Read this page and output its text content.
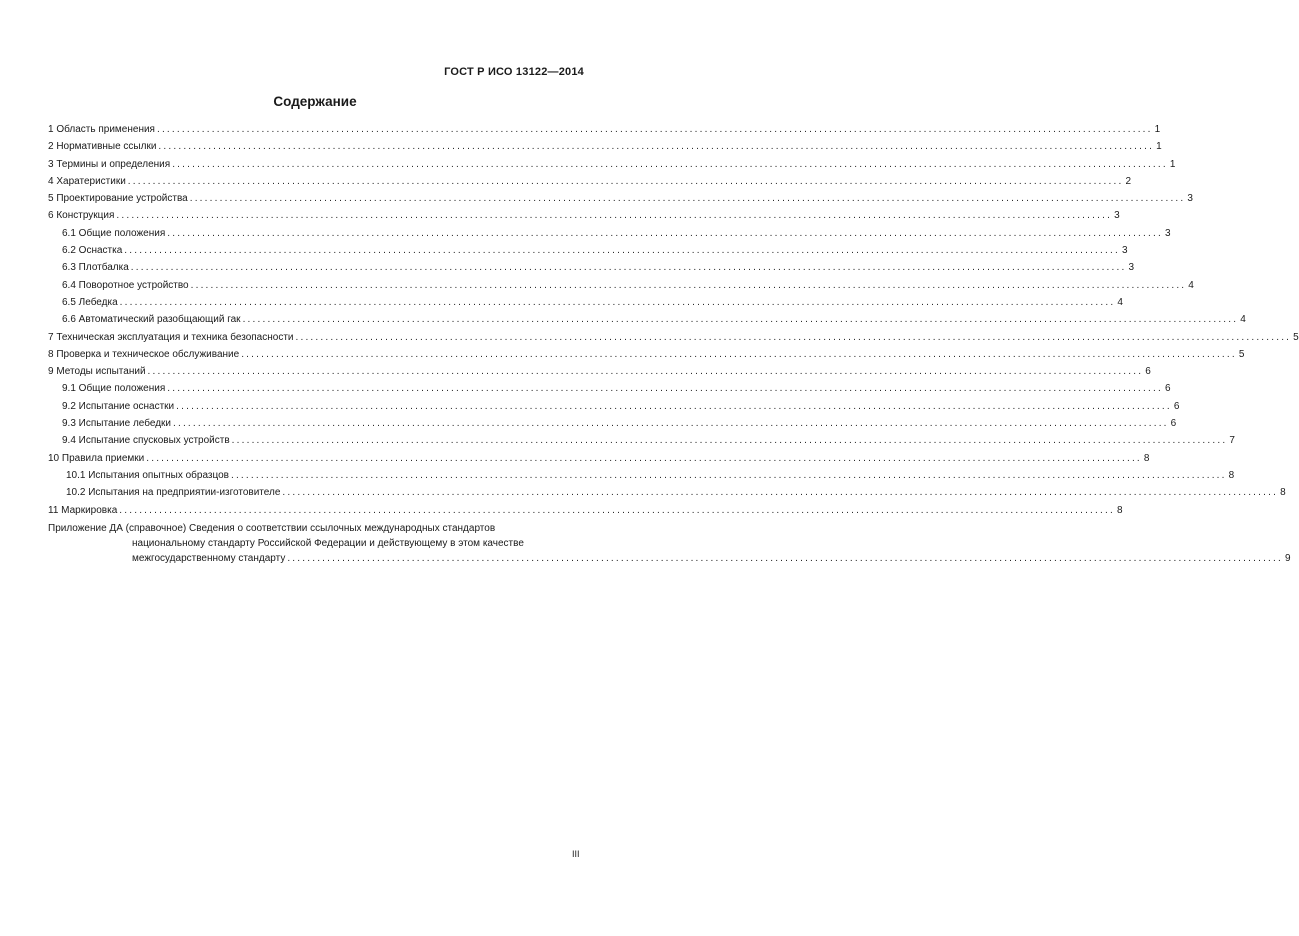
ГОСТ Р ИСО 13122—2014
Содержание
1 Область применения ........................................................................................................................................................................................................ 1
2 Нормативные ссылки ........................................................................................................................................................................................................ 1
3 Термины и определения ........................................................................................................................................................................................................ 1
4 Харатеристики ........................................................................................................................................................................................................ 2
5 Проектирование устройства ........................................................................................................................................................................................................ 3
6 Конструкция ........................................................................................................................................................................................................ 3
6.1 Общие положения ........................................................................................................................................................................................................ 3
6.2 Оснастка ........................................................................................................................................................................................................ 3
6.3 Плотбалка ........................................................................................................................................................................................................ 3
6.4 Поворотное устройство ........................................................................................................................................................................................................ 4
6.5 Лебедка ........................................................................................................................................................................................................ 4
6.6 Автоматический разобщающий гак ........................................................................................................................................................................................................ 4
7 Техническая эксплуатация и техника безопасности ........................................................................................................................................................................................................ 5
8 Проверка и техническое обслуживание ........................................................................................................................................................................................................ 5
9 Методы испытаний ........................................................................................................................................................................................................ 6
9.1 Общие положения ........................................................................................................................................................................................................ 6
9.2 Испытание оснастки ........................................................................................................................................................................................................ 6
9.3 Испытание лебедки ........................................................................................................................................................................................................ 6
9.4 Испытание спусковых устройств ........................................................................................................................................................................................................ 7
10 Правила приемки ........................................................................................................................................................................................................ 8
10.1 Испытания опытных образцов ........................................................................................................................................................................................................ 8
10.2 Испытания на предприятии-изготовителе ........................................................................................................................................................................................................ 8
11 Маркировка ........................................................................................................................................................................................................ 8
Приложение ДА (справочное) Сведения о соответствии ссылочных международных стандартов
национальному стандарту Российской Федерации и действующему в этом качестве
межгосударственному стандарту ........................................................................................................................................................................................................ 9
III
